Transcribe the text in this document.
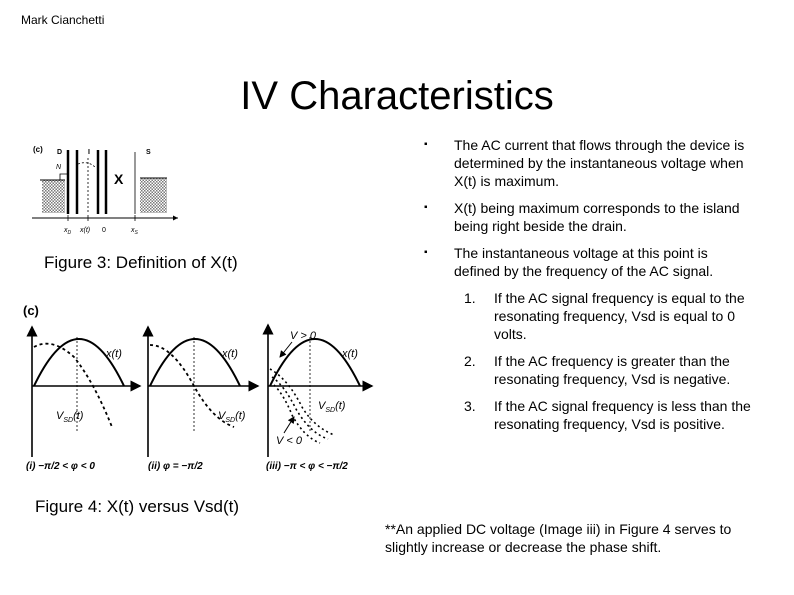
Mark Cianchetti
IV Characteristics
(c) D	I	S
N
X
$x_D$ x(t) 0	$x_S$
Figure 3: Definition of X(t)
(c)
x(t)
$V_{SD}(t)$
(i) −π/2 < φ < 0
x(t)
$V_{SD}(t)$
(ii) φ = −π/2
V > 0
x(t)
$V_{SD}(t)$
V < 0
(iii) −π < φ < −π/2
Figure 4: X(t) versus Vsd(t)
▪ The AC current that flows through the device is determined by the instantaneous voltage when X(t) is maximum.
▪ X(t) being maximum corresponds to the island being right beside the drain.
▪ The instantaneous voltage at this point is defined by the frequency of the AC signal.
1. If the AC signal frequency is equal to the resonating frequency, Vsd is equal to 0 volts.
2. If the AC frequency is greater than the resonating frequency, Vsd is negative.
3. If the AC signal frequency is less than the resonating frequency, Vsd is positive.
**An applied DC voltage (Image iii) in Figure 4 serves to slightly increase or decrease the phase shift.
